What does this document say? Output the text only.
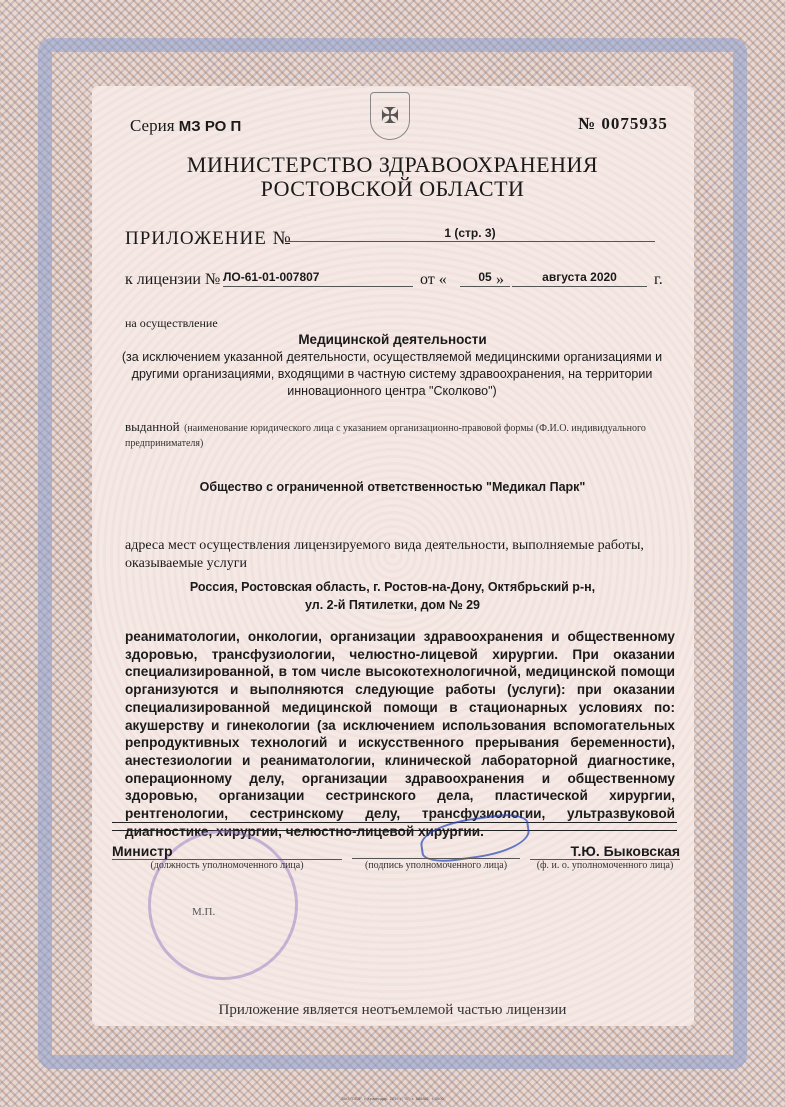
✠
Серия МЗ РО П	№ 0075935
МИНИСТЕРСТВО ЗДРАВООХРАНЕНИЯ
РОСТОВСКОЙ ОБЛАСТИ
ПРИЛОЖЕНИЕ №	1 (стр. 3)
к лицензии № ЛО-61-01-007807	от «	05 »	августа 2020	г.
на осуществление
Медицинской деятельности
(за исключением указанной деятельности, осуществляемой медицинскими организациями и другими организациями, входящими в частную систему здравоохранения, на территории инновационного центра "Сколково")
выданной (наименование юридического лица с указанием организационно-правовой формы (Ф.И.О. индивидуального предпринимателя)
Общество с ограниченной ответственностью "Медикал Парк"
адреса мест осуществления лицензируемого вида деятельности, выполняемые работы, оказываемые услуги
Россия, Ростовская область, г. Ростов-на-Дону, Октябрьский р-н,
ул. 2-й Пятилетки, дом № 29
реаниматологии, онкологии, организации здравоохранения и общественному здоровью, трансфузиологии, челюстно-лицевой хирургии. При оказании специализированной, в том числе высокотехнологичной, медицинской помощи организуются и выполняются следующие работы (услуги): при оказании специализированной медицинской помощи в стационарных условиях по: акушерству и гинекологии (за исключением использования вспомогательных репродуктивных технологий и искусственного прерывания беременности), анестезиологии и реаниматологии, клинической лабораторной диагностике, операционному делу, организации здравоохранения и общественному здоровью, организации сестринского дела, пластической хирургии, рентгенологии, сестринскому делу, трансфузиологии, ультразвуковой диагностике, хирургии, челюстно-лицевой хирургии.
Министр
(должность уполномоченного лица)	(подпись уполномоченного лица)
Т.Ю. Быковская
(ф. и. о. уполномоченного лица)
М.П.
Приложение является неотъемлемой частью лицензии
ЗАО "ОБФ", г. Краснодар, 2019 г., "Б", з. 588881, т. 1500
